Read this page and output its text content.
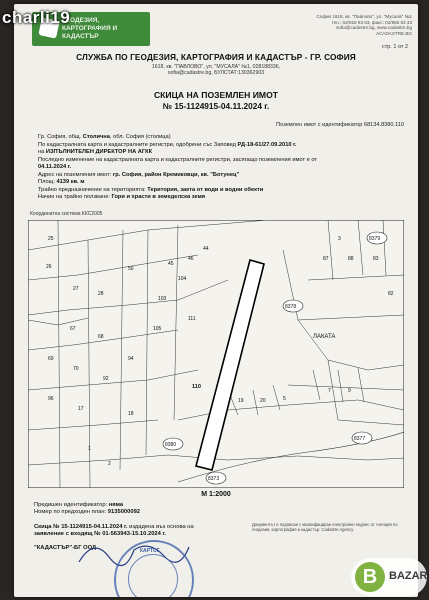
ГЕОДЕЗИЯ, КАРТОГРАФИЯ И КАДАСТЪР
София 1618, кв. "Павлово", ул. "Мусала" №1
тел.: 02/818 83 83, факс: 02/955 53 33
sofia@cadastre.bg, www.cadastre.bg
ACADASTRE.BG
стр. 1 от 2
СЛУЖБА ПО ГЕОДЕЗИЯ, КАРТОГРАФИЯ И КАДАСТЪР - ГР. СОФИЯ
1618, кв. "ПАВЛОВО", ул. "МУСАЛА" №1, 028188336,
sofia@cadastre.bg, БУЛСТАТ:130362903
СКИЦА НА ПОЗЕМЛЕН ИМОТ
№ 15-1124915-04.11.2024 г.
Поземлен имот с идентификатор 68134.8380.110
Гр. София, общ. Столична, обл. София (столица)
По кадастралната карта и кадастралните регистри, одобрени със Заповед РД-18-61/27.09.2010 г.
на ИЗПЪЛНИТЕЛЕН ДИРЕКТОР НА АГКК
Последно изменение на кадастралната карта и кадастралните регистри, засягащо поземления имот е от
04.11.2024 г.
Адрес на поземления имот: гр. София, район Кремиковци, кв. "Ботунец"
Площ: 4139 кв. м
Трайно предназначение на територията: Територия, заета от води и водни обекти
Начин на трайно ползване: Гори и храсти в земеделска земя
Координатна система ККС2005
8379
8380
8377
8378
8373
ЛАКАТА
110
111
103
104
105
44
46
45
50
25
26
27
28
67
68
69
70
92
94
96
17
18
19	20	5
7	9
1
2
3
87	88	83
82
М 1:2000
Предишен идентификатор: няма
Номер по предходен план: 9135000092

Скица № 15-1124915-04.11.2024 г. издадена въз основа на
заявление с входящ № 01-563943-15.10.2024 г.

"КАДАСТЪР"-БГ ООД
Документът е подписан с квалифициран електронен подпис от Агенция по геодезия, картография и кадастър. Cadastre Agency
КАРТОГ
charli19
B	BAZAR
